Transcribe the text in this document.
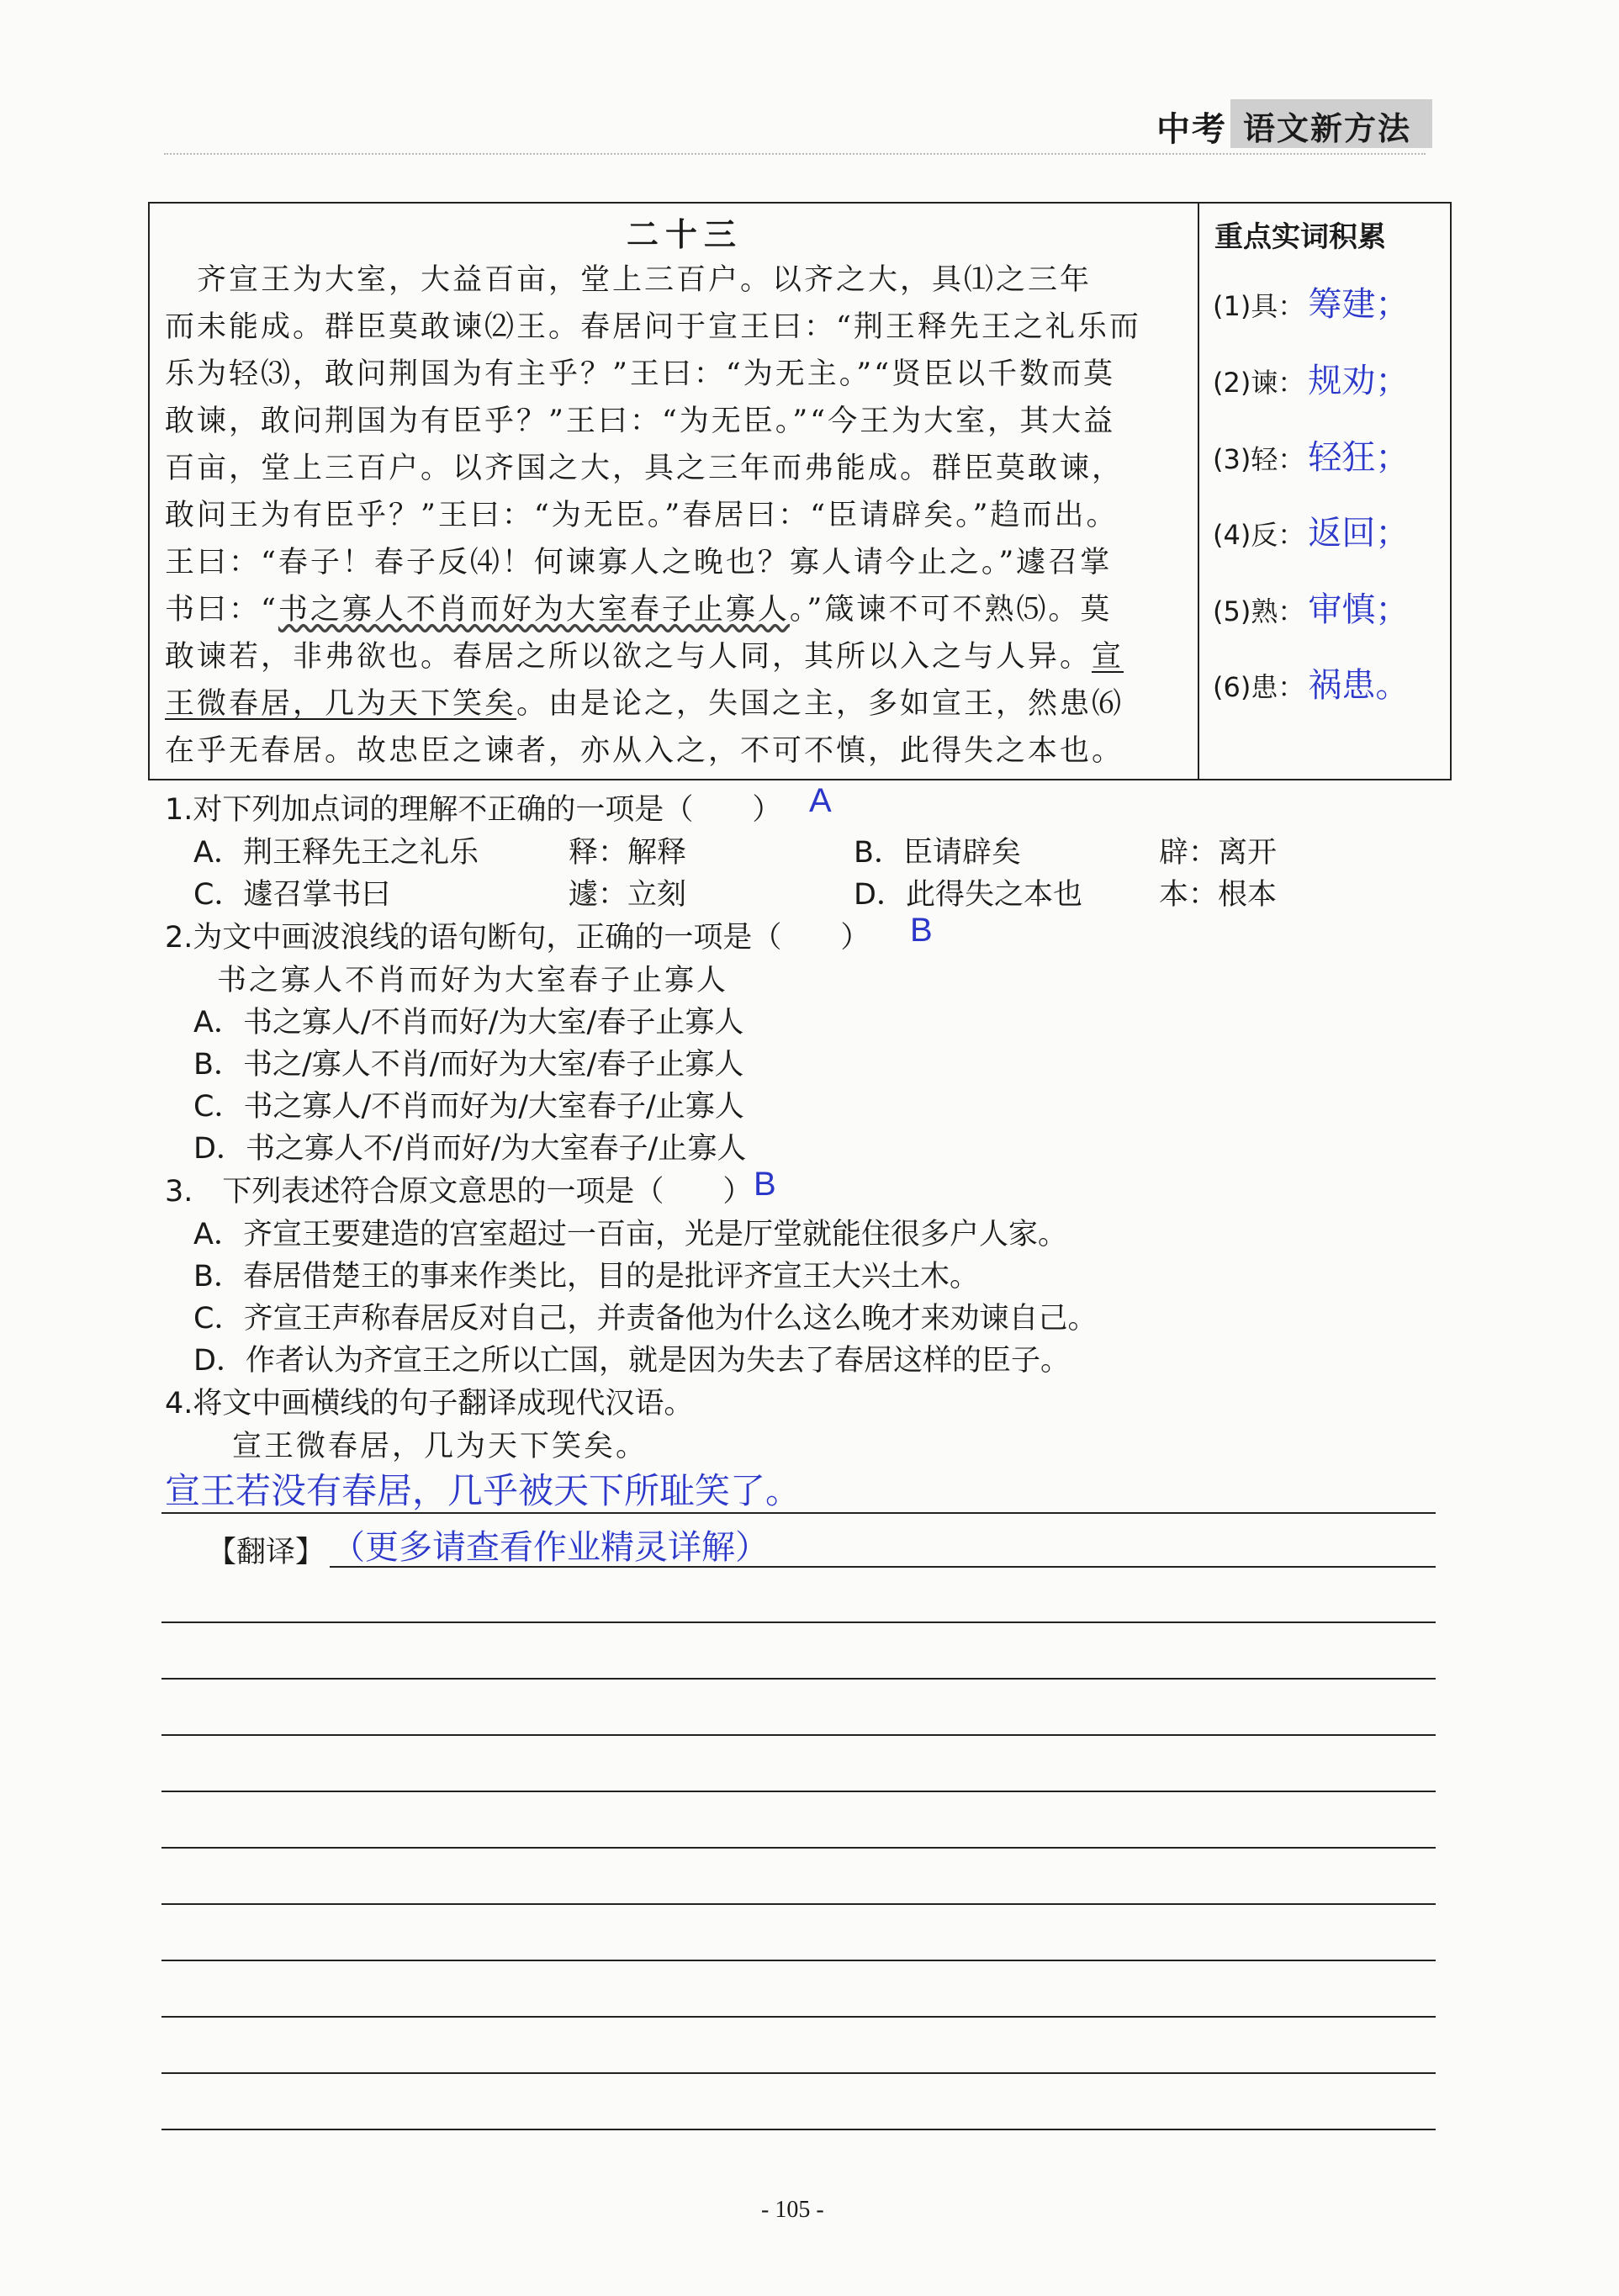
中考 语文新方法
二十三
　齐宣王为大室，大益百亩，堂上三百户。以齐之大，具⑴之三年
而未能成。群臣莫敢谏⑵王。春居问于宣王曰：“荆王释先王之礼乐而
乐为轻⑶，敢问荆国为有主乎？”王曰：“为无主。”“贤臣以千数而莫
敢谏，敢问荆国为有臣乎？”王曰：“为无臣。”“今王为大室，其大益
百亩，堂上三百户。以齐国之大，具之三年而弗能成。群臣莫敢谏，
敢问王为有臣乎？”王曰：“为无臣。”春居曰：“臣请辟矣。”趋而出。
王曰：“春子！春子反⑷！何谏寡人之晚也？寡人请今止之。”遽召掌
书曰：“书之寡人不肖而好为大室春子止寡人。”箴谏不可不熟⑸。莫
敢谏若，非弗欲也。春居之所以欲之与人同，其所以入之与人异。宣
王微春居，几为天下笑矣。由是论之，失国之主，多如宣王，然患⑹
在乎无春居。故忠臣之谏者，亦从入之，不可不慎，此得失之本也。
重点实词积累
(1)具： 筹建；
(2)谏： 规劝；
(3)轻： 轻狂；
(4)反： 返回；
(5)熟： 审慎；
(6)患： 祸患。
1.对下列加点词的理解不正确的一项是（　　） A
A．荆王释先王之礼乐	释：解释	B．臣请辟矣	辟：离开
C．遽召掌书曰	遽：立刻	D．此得失之本也	本：根本
2.为文中画波浪线的语句断句，正确的一项是（　　） B
书之寡人不肖而好为大室春子止寡人
A．书之寡人/不肖而好/为大室/春子止寡人
B．书之/寡人不肖/而好为大室/春子止寡人
C．书之寡人/不肖而好为/大室春子/止寡人
D．书之寡人不/肖而好/为大室春子/止寡人
3.　下列表述符合原文意思的一项是（　　） B
A．齐宣王要建造的宫室超过一百亩，光是厅堂就能住很多户人家。
B．春居借楚王的事来作类比，目的是批评齐宣王大兴土木。
C．齐宣王声称春居反对自己，并责备他为什么这么晚才来劝谏自己。
D．作者认为齐宣王之所以亡国，就是因为失去了春居这样的臣子。
4.将文中画横线的句子翻译成现代汉语。
宣王微春居，几为天下笑矣。
宣王若没有春居，几乎被天下所耻笑了。
【翻译】 （更多请查看作业精灵详解）
- 105 -
